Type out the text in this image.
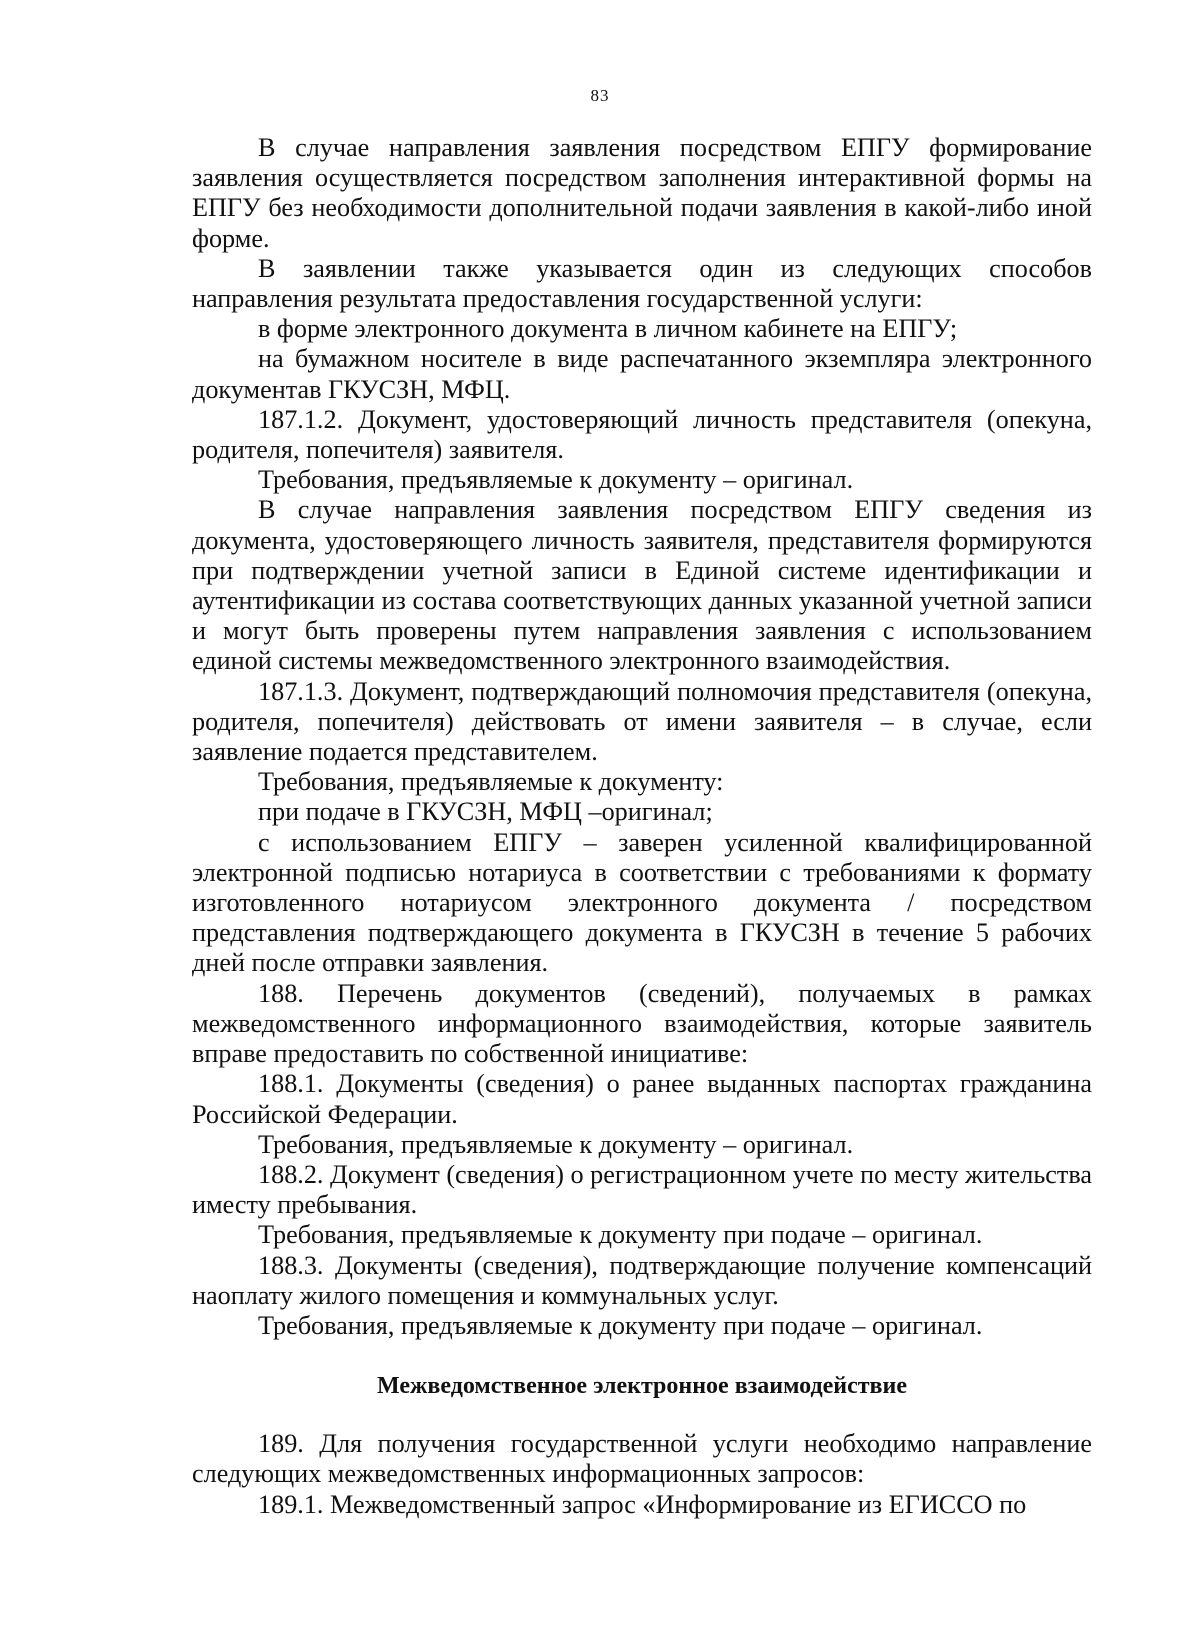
83

В случае направления заявления посредством ЕПГУ формирование заявления осуществляется посредством заполнения интерактивной формы на ЕПГУ без необходимости дополнительной подачи заявления в какой-либо иной форме.

В заявлении также указывается один из следующих способов направления результата предоставления государственной услуги:

в форме электронного документа в личном кабинете на ЕПГУ;

на бумажном носителе в виде распечатанного экземпляра электронного документав ГКУСЗН, МФЦ.

187.1.2. Документ, удостоверяющий личность представителя (опекуна, родителя, попечителя) заявителя.

Требования, предъявляемые к документу – оригинал.

В случае направления заявления посредством ЕПГУ сведения из документа, удостоверяющего личность заявителя, представителя формируются при подтверждении учетной записи в Единой системе идентификации и аутентификации из состава соответствующих данных указанной учетной записи и могут быть проверены путем направления заявления с использованием единой системы межведомственного электронного взаимодействия.

187.1.3. Документ, подтверждающий полномочия представителя (опекуна, родителя, попечителя) действовать от имени заявителя – в случае, если заявление подается представителем.

Требования, предъявляемые к документу:

при подаче в ГКУСЗН, МФЦ –оригинал;

с использованием ЕПГУ – заверен усиленной квалифицированной электронной подписью нотариуса в соответствии с требованиями к формату изготовленного нотариусом электронного документа / посредством представления подтверждающего документа в ГКУСЗН в течение 5 рабочих дней после отправки заявления.

188. Перечень документов (сведений), получаемых в рамках межведомственного информационного взаимодействия, которые заявитель вправе предоставить по собственной инициативе:

188.1. Документы (сведения) о ранее выданных паспортах гражданина Российской Федерации.

Требования, предъявляемые к документу – оригинал.

188.2. Документ (сведения) о регистрационном учете по месту жительства иместу пребывания.

Требования, предъявляемые к документу при подаче – оригинал.

188.3. Документы (сведения), подтверждающие получение компенсаций наоплату жилого помещения и коммунальных услуг.

Требования, предъявляемые к документу при подаче – оригинал.

Межведомственное электронное взаимодействие

189. Для получения государственной услуги необходимо направление следующих межведомственных информационных запросов:

189.1. Межведомственный запрос «Информирование из ЕГИССО по
